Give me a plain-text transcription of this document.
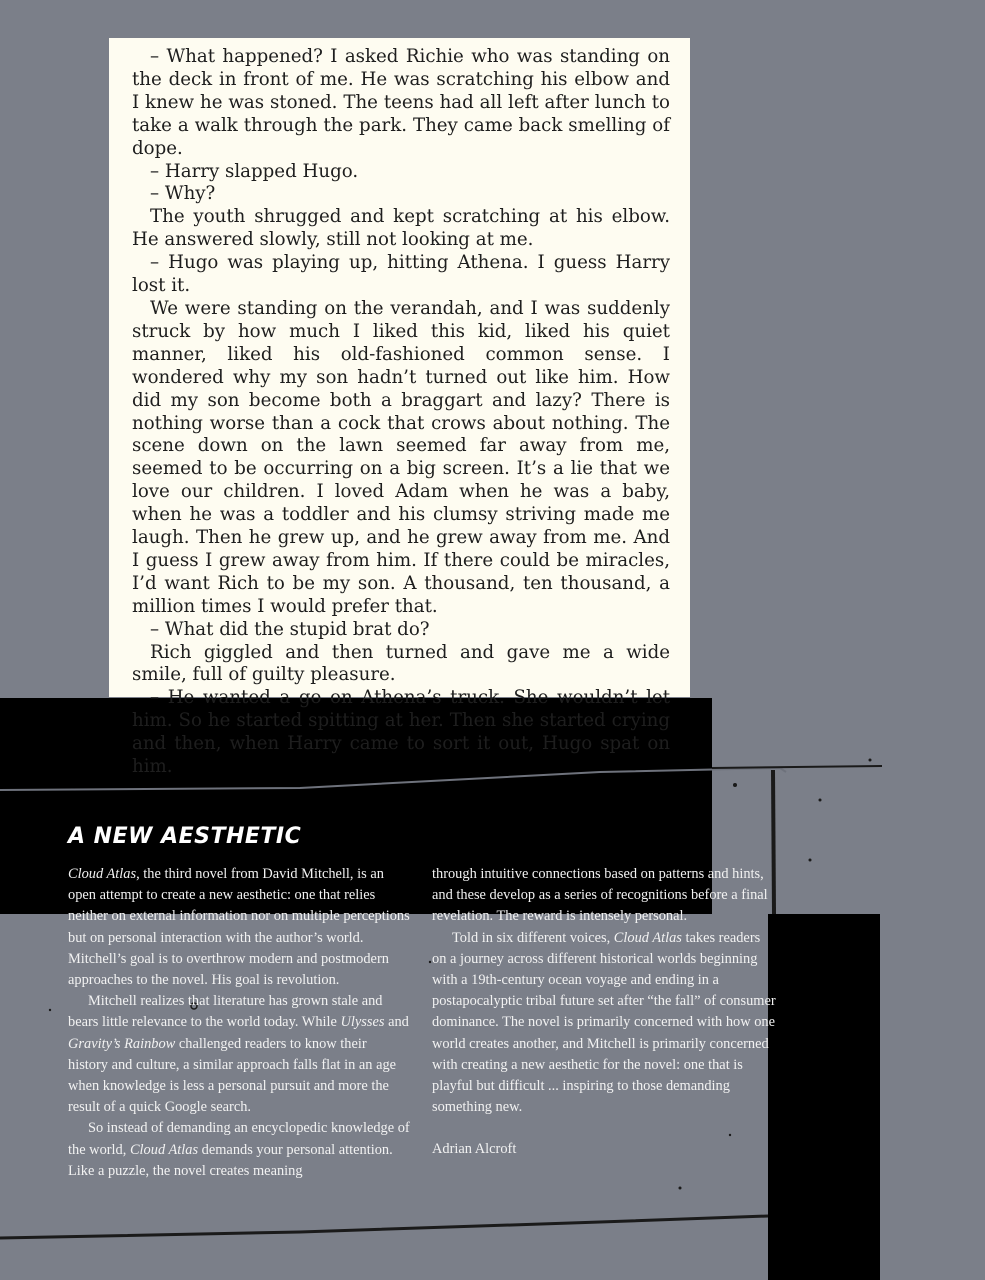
– What happened? I asked Richie who was standing on the deck in front of me. He was scratching his elbow and I knew he was stoned. The teens had all left after lunch to take a walk through the park. They came back smelling of dope.

– Harry slapped Hugo.

– Why?

The youth shrugged and kept scratching at his elbow. He answered slowly, still not looking at me.

– Hugo was playing up, hitting Athena. I guess Harry lost it.

We were standing on the verandah, and I was suddenly struck by how much I liked this kid, liked his quiet manner, liked his old-fashioned common sense. I wondered why my son hadn’t turned out like him. How did my son become both a braggart and lazy? There is nothing worse than a cock that crows about nothing. The scene down on the lawn seemed far away from me, seemed to be occurring on a big screen. It’s a lie that we love our children. I loved Adam when he was a baby, when he was a toddler and his clumsy striving made me laugh. Then he grew up, and he grew away from me. And I guess I grew away from him. If there could be miracles, I’d want Rich to be my son. A thousand, ten thousand, a million times I would prefer that.

– What did the stupid brat do?

Rich giggled and then turned and gave me a wide smile, full of guilty pleasure.

– He wanted a go on Athena’s truck. She wouldn’t let him. So he started spitting at her. Then she started crying and then, when Harry came to sort it out, Hugo spat on him.

A NEW AESTHETIC

Cloud Atlas, the third novel from David Mitchell, is an open attempt to create a new aesthetic: one that relies neither on external information nor on multiple perceptions but on personal interaction with the author’s world. Mitchell’s goal is to overthrow modern and postmodern approaches to the novel. His goal is revolution.

Mitchell realizes that literature has grown stale and bears little relevance to the world today. While Ulysses and Gravity’s Rainbow challenged readers to know their history and culture, a similar approach falls flat in an age when knowledge is less a personal pursuit and more the result of a quick Google search.

So instead of demanding an encyclopedic knowledge of the world, Cloud Atlas demands your personal attention. Like a puzzle, the novel creates meaning

through intuitive connections based on patterns and hints, and these develop as a series of recognitions before a final revelation. The reward is intensely personal.

Told in six different voices, Cloud Atlas takes readers on a journey across different historical worlds beginning with a 19th-century ocean voyage and ending in a postapocalyptic tribal future set after “the fall” of consumer dominance. The novel is primarily concerned with how one world creates another, and Mitchell is primarily concerned with creating a new aesthetic for the novel: one that is playful but difficult ... inspiring to those demanding something new.

Adrian Alcroft
